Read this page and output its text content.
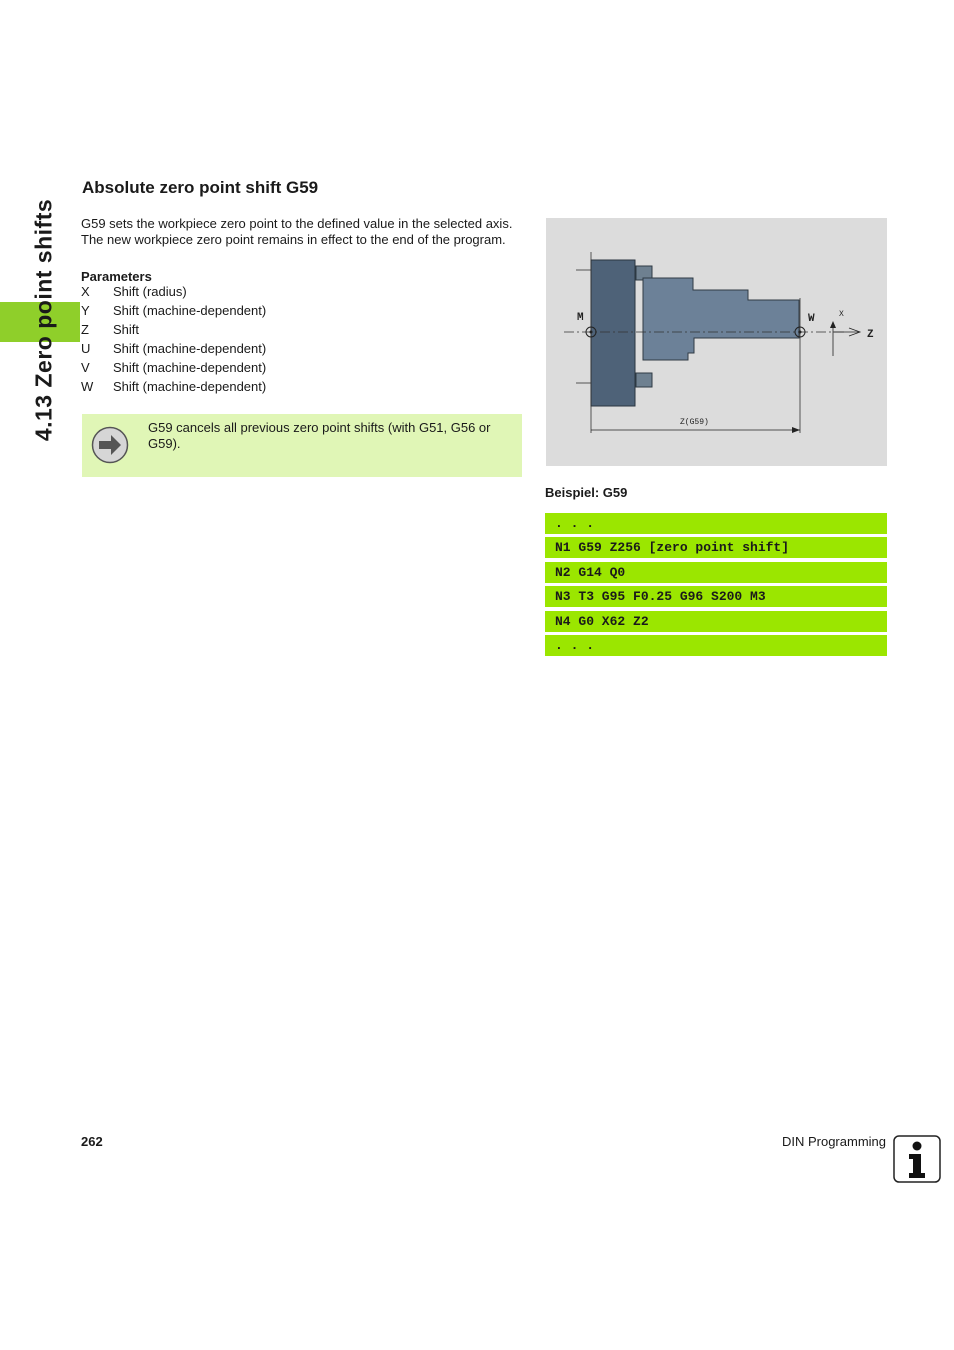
4.13 Zero point shifts
Absolute zero point shift G59

G59 sets the workpiece zero point to the defined value in the selected axis. The new workpiece zero point remains in effect to the end of the program.

Parameters
X Shift (radius)
Y Shift (machine-dependent)
Z Shift
U Shift (machine-dependent)
V Shift (machine-dependent)
W Shift (machine-dependent)
G59 cancels all previous zero point shifts (with G51, G56 or G59).
M	W	X
Z
Z(G59)
Beispiel: G59
. . .
N1 G59 Z256 [zero point shift]
N2 G14 Q0
N3 T3 G95 F0.25 G96 S200 M3
N4 G0 X62 Z2
. . .
262	DIN Programming
